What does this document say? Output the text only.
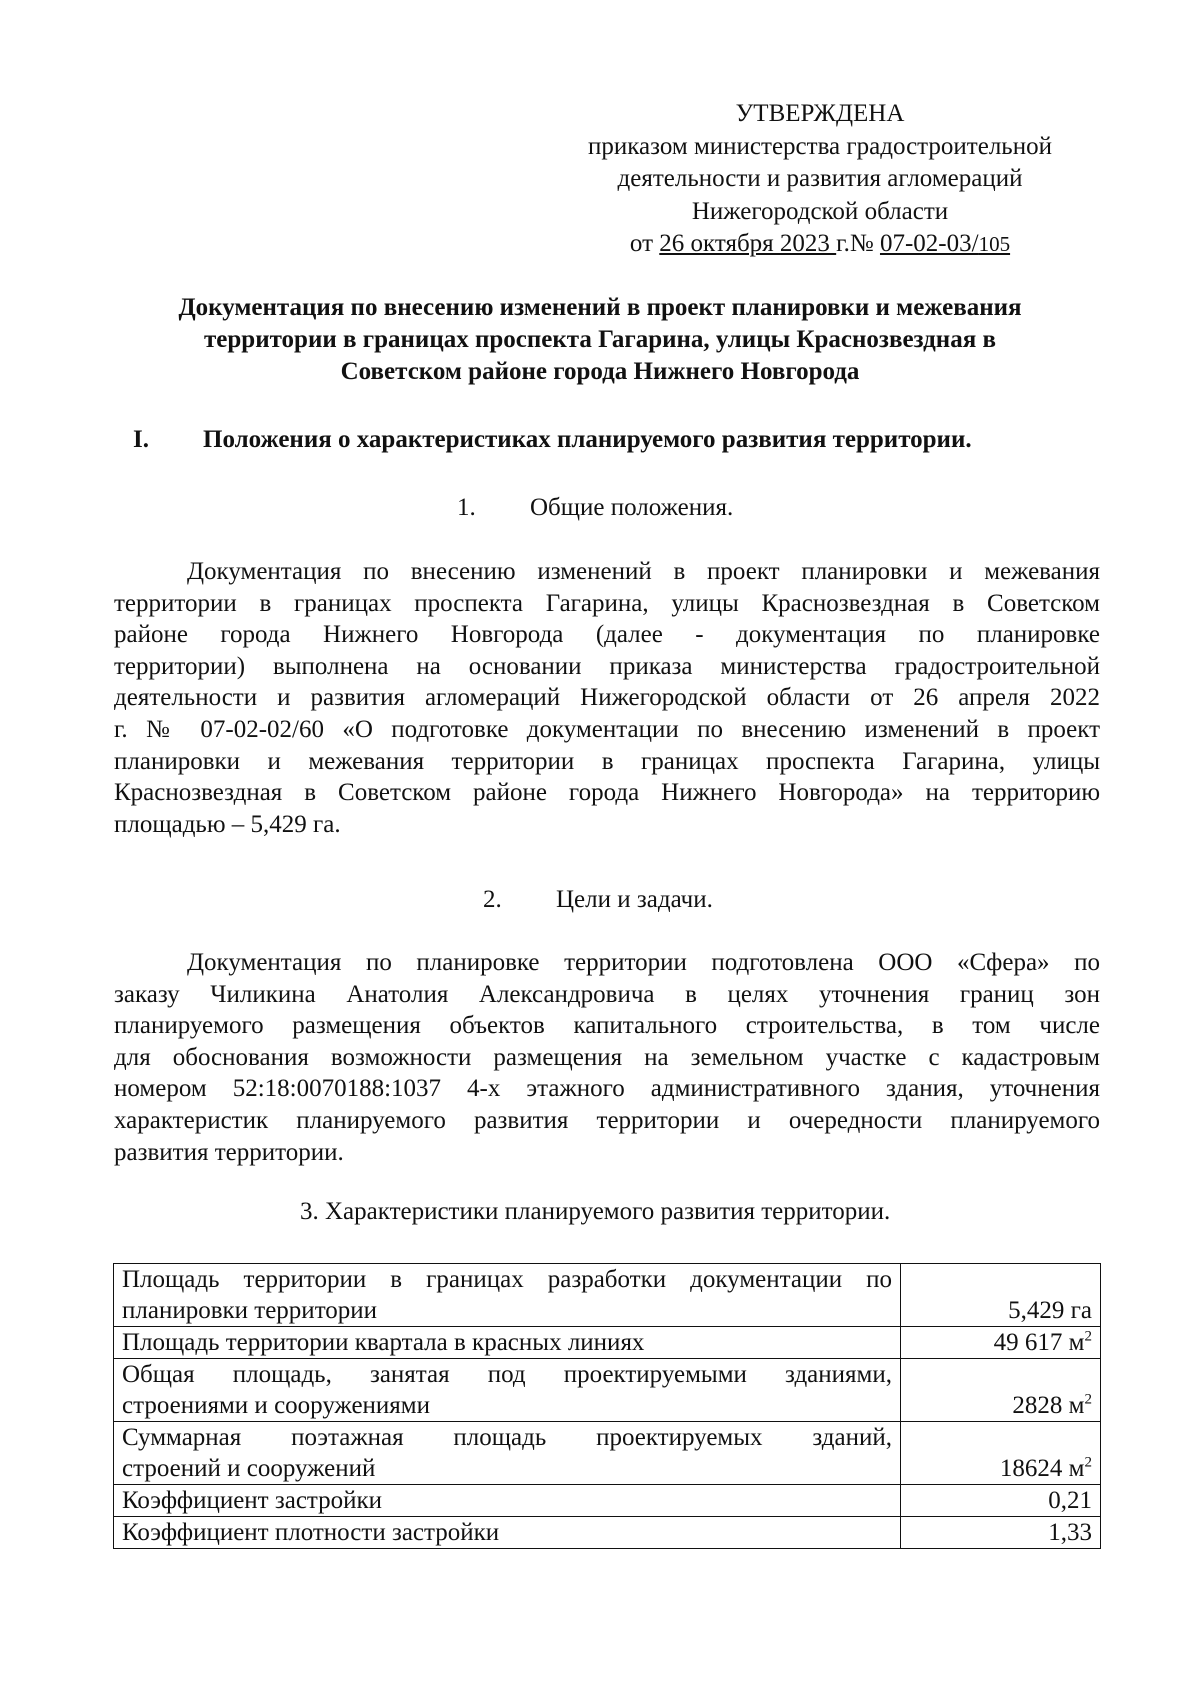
УТВЕРЖДЕНА
приказом министерства градостроительной
деятельности и развития агломераций
Нижегородской области
от 26 октября 2023 г.№ 07-02-03/105
Документация по внесению изменений в проект планировки и межевания
территории в границах проспекта Гагарина, улицы Краснозвездная в
Советском районе города Нижнего Новгорода
I. Положения о характеристиках планируемого развития территории.
1. Общие положения.
Документация по внесению изменений в проект планировки и межевания
территории в границах проспекта Гагарина, улицы Краснозвездная в Советском
районе города Нижнего Новгорода (далее - документация по планировке
территории) выполнена на основании приказа министерства градостроительной
деятельности и развития агломераций Нижегородской области от 26 апреля 2022
г. № 07-02-02/60 «О подготовке документации по внесению изменений в проект
планировки и межевания территории в границах проспекта Гагарина, улицы
Краснозвездная в Советском районе города Нижнего Новгорода» на территорию
площадью – 5,429 га.
2. Цели и задачи.
Документация по планировке территории подготовлена ООО «Сфера» по
заказу Чиликина Анатолия Александровича в целях уточнения границ зон
планируемого размещения объектов капитального строительства, в том числе
для обоснования возможности размещения на земельном участке с кадастровым
номером 52:18:0070188:1037 4-х этажного административного здания, уточнения
характеристик планируемого развития территории и очередности планируемого
развития территории.
3. Характеристики планируемого развития территории.
Площадь территории в границах разработки документации по
планировки территории	5,429 га

Площадь территории квартала в красных линиях	49 617 $м^2$

Общая площадь, занятая под проектируемыми зданиями,
строениями и сооружениями	2828 $м^2$

Суммарная поэтажная площадь проектируемых зданий,
строений и сооружений	18624 $м^2$

Коэффициент застройки	0,21

Коэффициент плотности застройки	1,33
